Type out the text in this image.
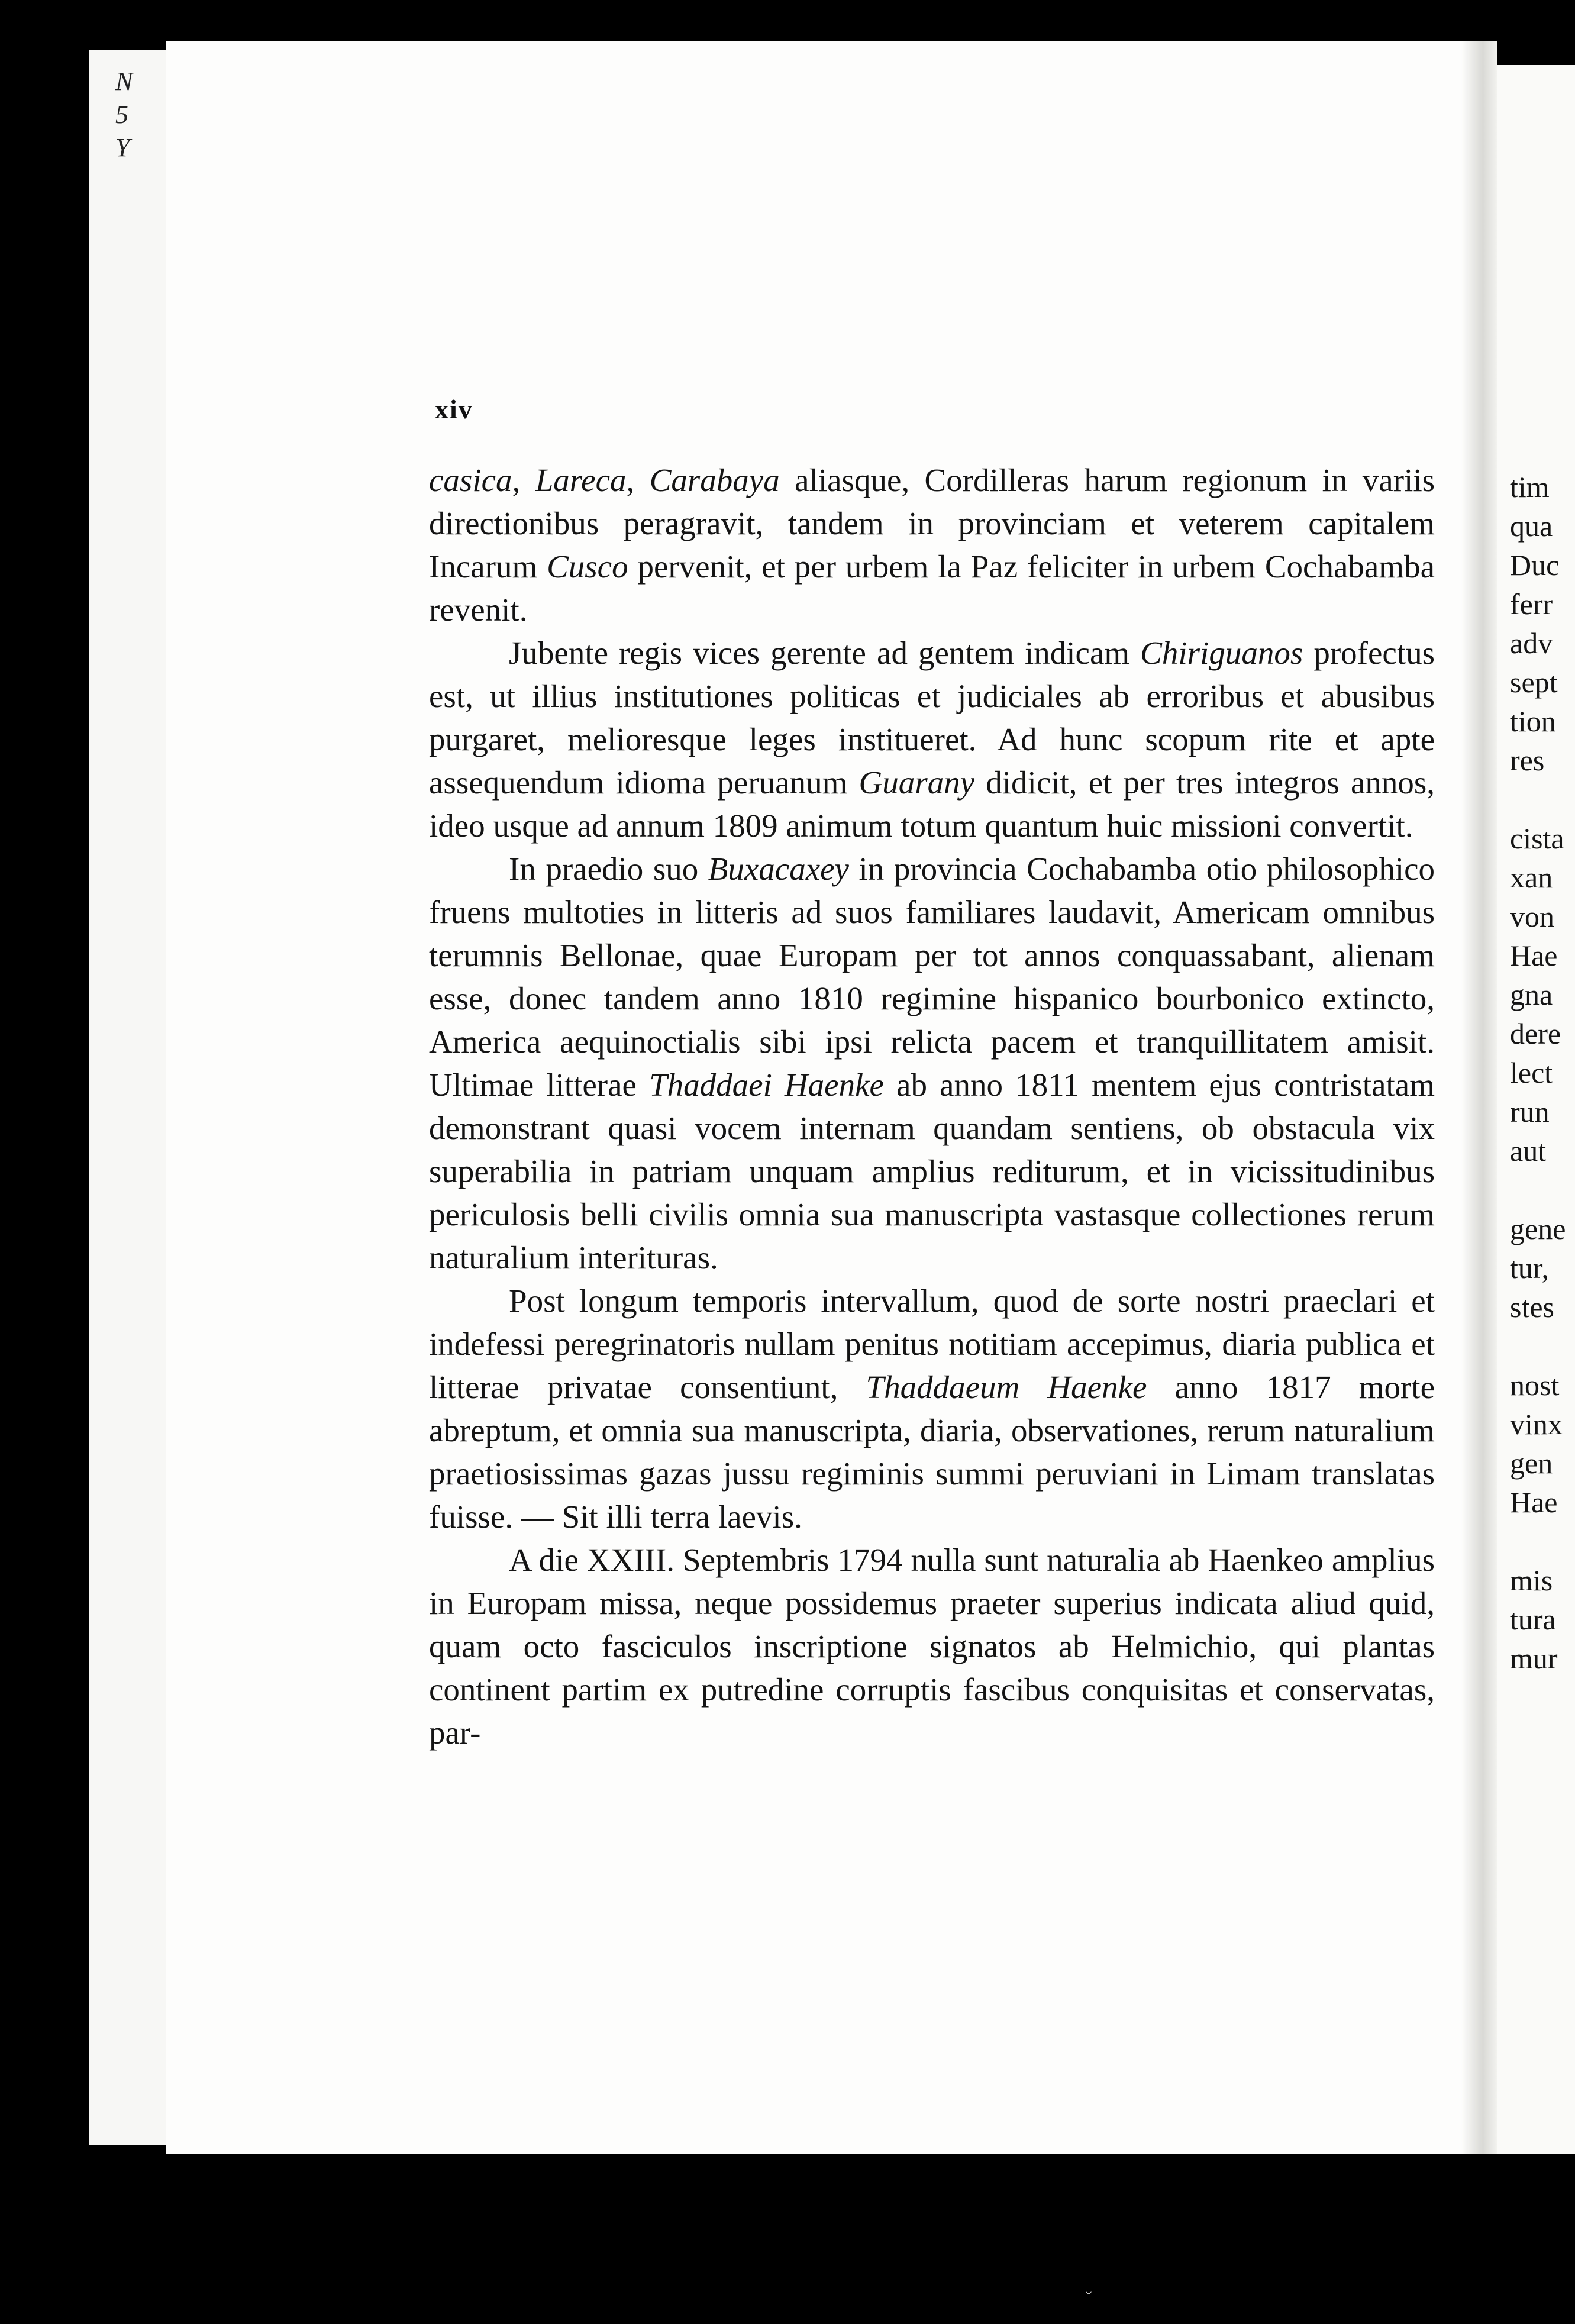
N
5
Y
tim
qua
Duc
ferr
adv
sept
tion
res
cista
xan
von
Hae
gna
dere
lect
run
aut
gene
tur,
stes
nost
vinx
gen
Hae
mis
tura
mur
xiv

casica, Lareca, Carabaya aliasque, Cordilleras harum regionum in variis directionibus peragravit, tandem in provinciam et veterem capitalem Incarum Cusco pervenit, et per urbem la Paz feliciter in urbem Cochabamba revenit.

Jubente regis vices gerente ad gentem indicam Chiriguanos profectus est, ut illius institutiones politicas et judiciales ab erroribus et abusibus purgaret, melioresque leges institueret. Ad hunc scopum rite et apte assequendum idioma peruanum Guarany didicit, et per tres integros annos, ideo usque ad annum 1809 animum totum quantum huic missioni convertit.

In praedio suo Buxacaxey in provincia Cochabamba otio philosophico fruens multoties in litteris ad suos familiares laudavit, Americam omnibus terumnis Bellonae, quae Europam per tot annos conquassabant, alienam esse, donec tandem anno 1810 regimine hispanico bourbonico extincto, America aequinoctialis sibi ipsi relicta pacem et tranquillitatem amisit. Ultimae litterae Thaddaei Haenke ab anno 1811 mentem ejus contristatam demonstrant quasi vocem internam quandam sentiens, ob obstacula vix superabilia in patriam unquam amplius rediturum, et in vicissitudinibus periculosis belli civilis omnia sua manuscripta vastasque collectiones rerum naturalium interituras.

Post longum temporis intervallum, quod de sorte nostri praeclari et indefessi peregrinatoris nullam penitus notitiam accepimus, diaria publica et litterae privatae consentiunt, Thaddaeum Haenke anno 1817 morte abreptum, et omnia sua manuscripta, diaria, observationes, rerum naturalium praetiosissimas gazas jussu regiminis summi peruviani in Limam translatas fuisse. — Sit illi terra laevis.

A die XXIII. Septembris 1794 nulla sunt naturalia ab Haenkeo amplius in Europam missa, neque possidemus praeter superius indicata aliud quid, quam octo fasciculos inscriptione signatos ab Helmichio, qui plantas continent partim ex putredine corruptis fascibus conquisitas et conservatas, par-

ˇ
